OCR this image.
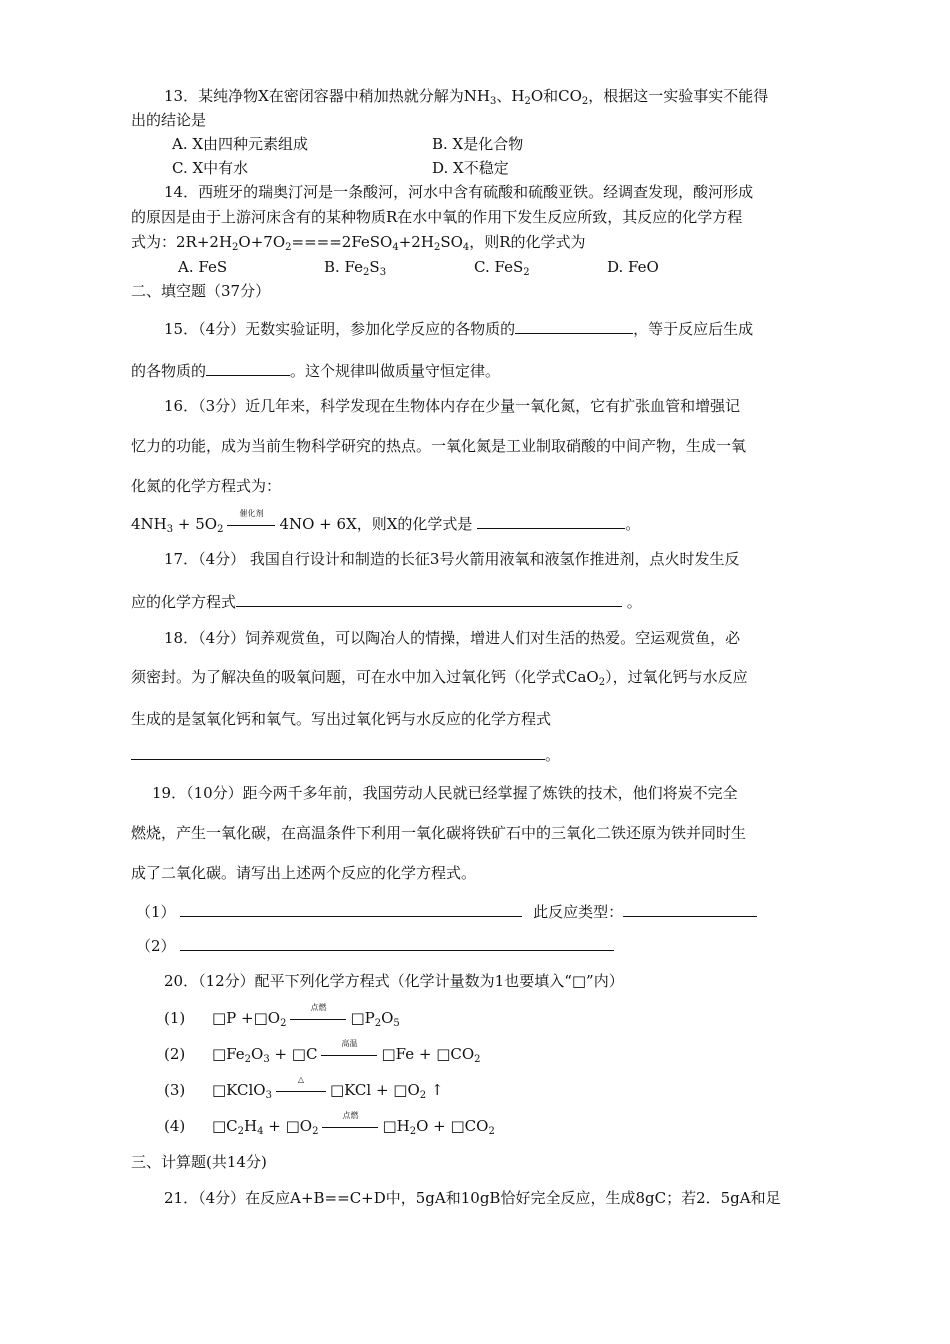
13．某纯净物X在密闭容器中稍加热就分解为$NH_3$、$H_2O$和$CO_2$，根据这一实验事实不能得
出的结论是
A. X由四种元素组成	B. X是化合物
C. X中有水	D. X不稳定
14．西班牙的瑞奥汀河是一条酸河，河水中含有硫酸和硫酸亚铁。经调查发现，酸河形成
的原因是由于上游河床含有的某种物质R在水中氧的作用下发生反应所致，其反应的化学方程
式为：$2R+2H_2O+7O_2====2FeSO_4+2H_2SO_4$，则R的化学式为
A. FeS	B. $Fe_2S_3$	C. FeS$_2$	D. FeO
二、填空题（37分）
15．（4分）无数实验证明，参加化学反应的各物质的	，等于反应后生成
的各物质的	。这个规律叫做质量守恒定律。
16．（3分）近几年来，科学发现在生物体内存在少量一氧化氮，它有扩张血管和增强记
忆力的功能，成为当前生物科学研究的热点。一氧化氮是工业制取硝酸的中间产物，生成一氧
化氮的化学方程式为：
$4NH_3 + 5O_2$
催化剂
4NO + 6X，则X的化学式是	。
17．（4分） 我国自行设计和制造的长征3号火箭用液氧和液氢作推进剂，点火时发生反
应的化学方程式	。
18．（4分）饲养观赏鱼，可以陶冶人的情操，增进人们对生活的热爱。空运观赏鱼，必
须密封。为了解决鱼的吸氧问题，可在水中加入过氧化钙（化学式CaO$_2$），过氧化钙与水反应
生成的是氢氧化钙和氧气。写出过氧化钙与水反应的化学方程式
。
19．（10分）距今两千多年前，我国劳动人民就已经掌握了炼铁的技术，他们将炭不完全
燃烧，产生一氧化碳，在高温条件下利用一氧化碳将铁矿石中的三氧化二铁还原为铁并同时生
成了二氧化碳。请写出上述两个反应的化学方程式。
（1）	此反应类型：
（2）
20．（12分）配平下列化学方程式（化学计量数为1也要填入“□”内）
(1) □P $+□O_2$
点燃
$□P_2O_5$
(2) $□Fe_2O_3$ + □C
高温
□Fe + $□CO_2$
(3) □KClO$_3$
△
□KCl + $□O_2$ ↑
(4) $□C_2H_4$ + $□O_2$
点燃
$□H_2O$ + $□CO_2$
三、计算题(共14分)
21．（4分）在反应A+B==C+D中，5gA和10gB恰好完全反应，生成8gC；若2．5gA和足
